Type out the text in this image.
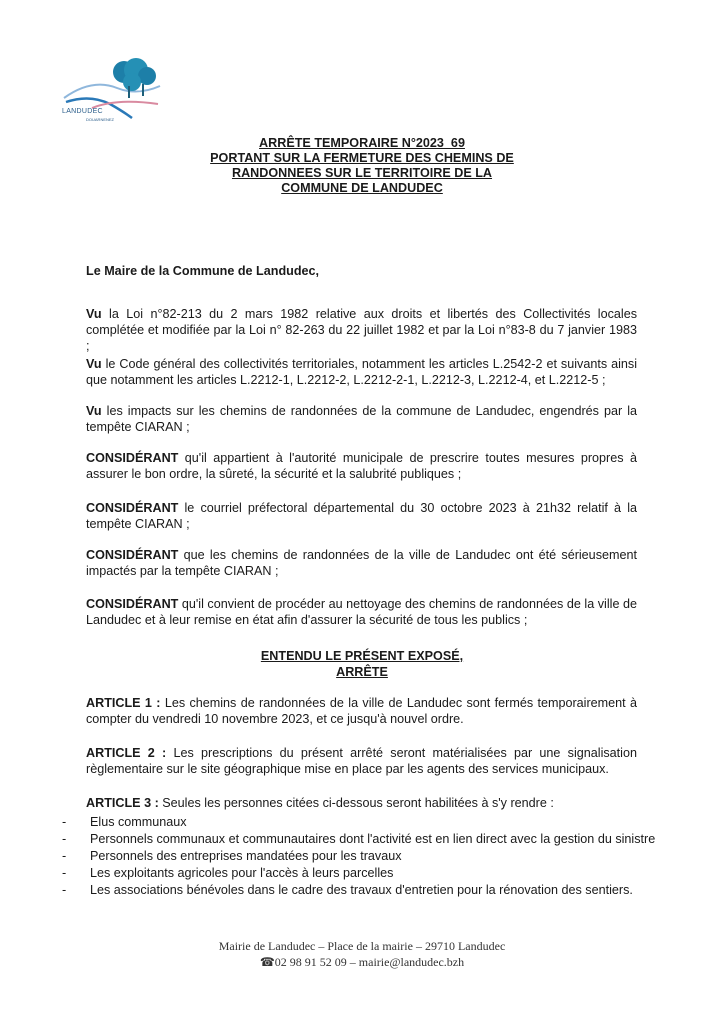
LANDUDEC
DOUARNENEZ
ARRÊTE TEMPORAIRE N°2023_69
PORTANT SUR LA FERMETURE DES CHEMINS DE
RANDONNEES SUR LE TERRITOIRE DE LA
COMMUNE DE LANDUDEC
Le Maire de la Commune de Landudec,
Vu la Loi n°82-213 du 2 mars 1982 relative aux droits et libertés des Collectivités locales complétée et modifiée par la Loi n° 82-263 du 22 juillet 1982 et par la Loi n°83-8 du 7 janvier 1983 ;
Vu le Code général des collectivités territoriales, notamment les articles L.2542-2 et suivants ainsi que notamment les articles L.2212-1, L.2212-2, L.2212-2-1, L.2212-3, L.2212-4, et L.2212-5 ;
Vu les impacts sur les chemins de randonnées de la commune de Landudec, engendrés par la tempête CIARAN ;
CONSIDÉRANT qu'il appartient à l'autorité municipale de prescrire toutes mesures propres à assurer le bon ordre, la sûreté, la sécurité et la salubrité publiques ;
CONSIDÉRANT le courriel préfectoral départemental du 30 octobre 2023 à 21h32 relatif à la tempête CIARAN ;
CONSIDÉRANT que les chemins de randonnées de la ville de Landudec ont été sérieusement impactés par la tempête CIARAN ;
CONSIDÉRANT qu'il convient de procéder au nettoyage des chemins de randonnées de la ville de Landudec et à leur remise en état afin d'assurer la sécurité de tous les publics ;
ENTENDU LE PRÉSENT EXPOSÉ,
ARRÊTE
ARTICLE 1 : Les chemins de randonnées de la ville de Landudec sont fermés temporairement à compter du vendredi 10 novembre 2023, et ce jusqu'à nouvel ordre.
ARTICLE 2 : Les prescriptions du présent arrêté seront matérialisées par une signalisation règlementaire sur le site géographique mise en place par les agents des services municipaux.
ARTICLE 3 : Seules les personnes citées ci-dessous seront habilitées à s'y rendre :
-	Elus communaux
-	Personnels communaux et communautaires dont l'activité est en lien direct avec la gestion du sinistre
-	Personnels des entreprises mandatées pour les travaux
-	Les exploitants agricoles pour l'accès à leurs parcelles
-	Les associations bénévoles dans le cadre des travaux d'entretien pour la rénovation des sentiers.
Mairie de Landudec – Place de la mairie – 29710 Landudec
☎02 98 91 52 09 – mairie@landudec.bzh
